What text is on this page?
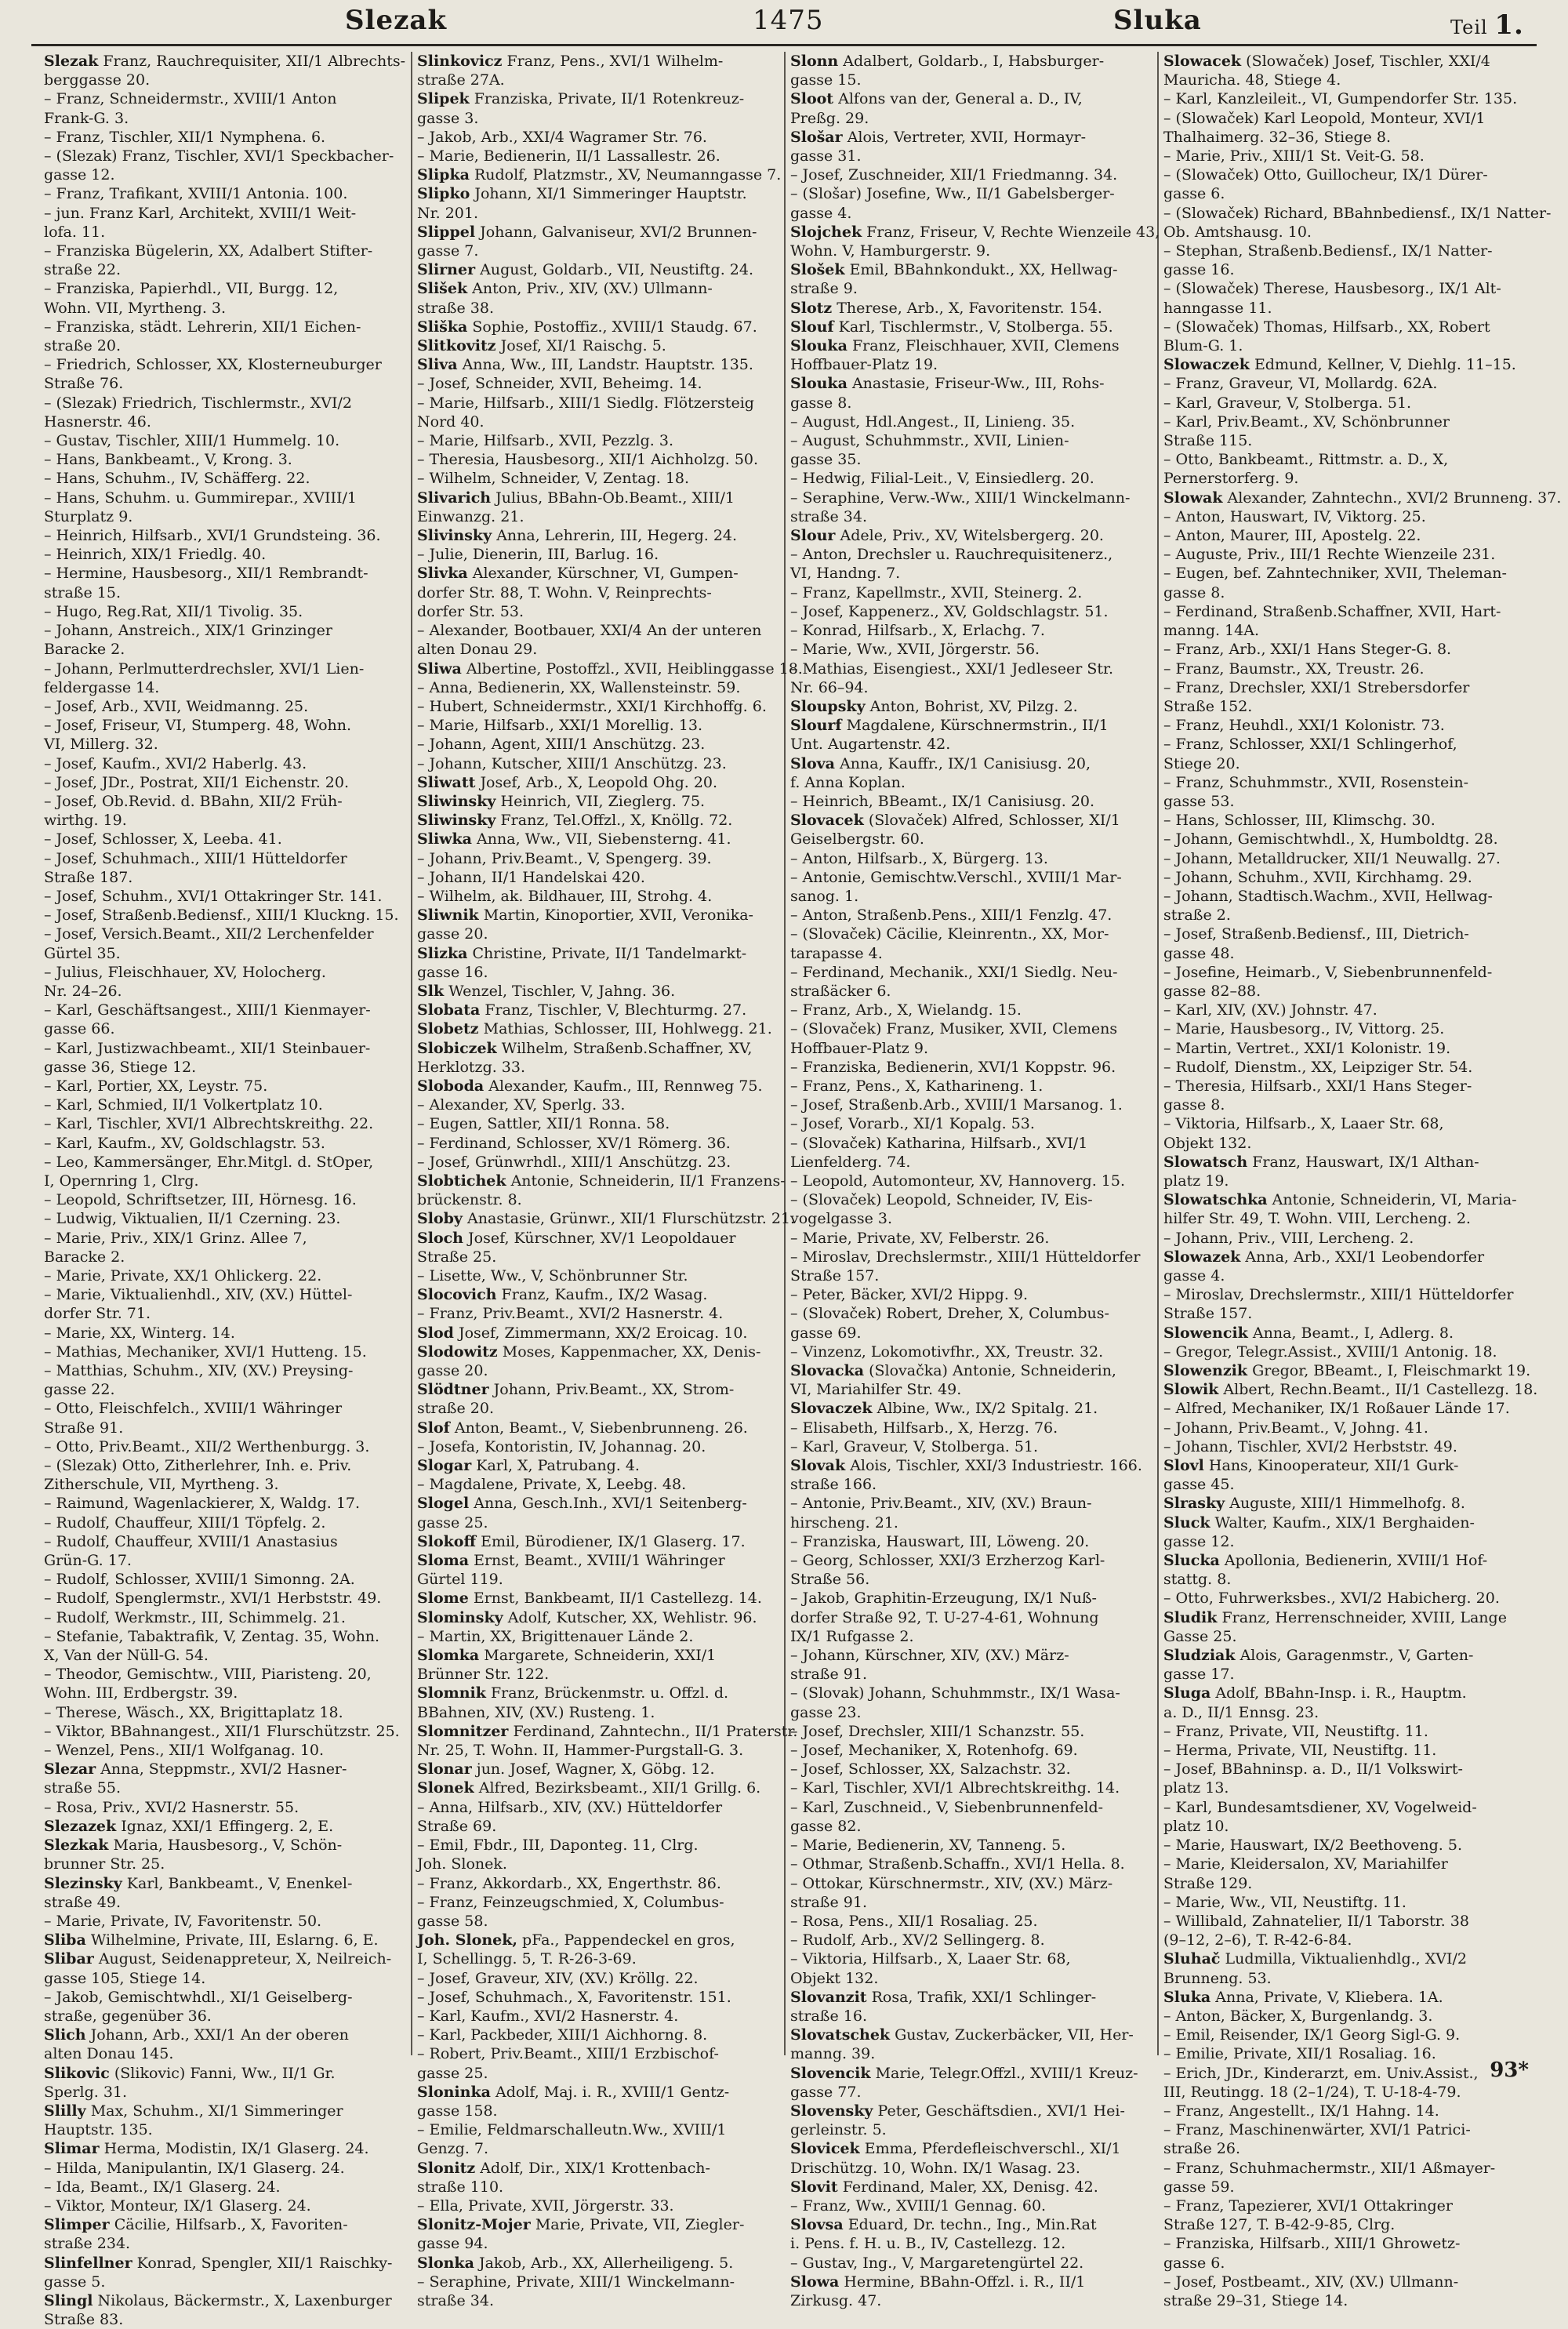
Slezak	1475	Sluka	Teil 1.
Slezak Franz, Rauchrequisiter, XII/1 Albrechts-
berggasse 20.
– Franz, Schneidermstr., XVIII/1 Anton
Frank-G. 3.
– Franz, Tischler, XII/1 Nymphena. 6.
– (Slezak) Franz, Tischler, XVI/1 Speckbacher-
gasse 12.
– Franz, Trafikant, XVIII/1 Antonia. 100.
– jun. Franz Karl, Architekt, XVIII/1 Weit-
lofa. 11.
– Franziska Bügelerin, XX, Adalbert Stifter-
straße 22.
– Franziska, Papierhdl., VII, Burgg. 12,
Wohn. VII, Myrtheng. 3.
– Franziska, städt. Lehrerin, XII/1 Eichen-
straße 20.
– Friedrich, Schlosser, XX, Klosterneuburger
Straße 76.
– (Slezak) Friedrich, Tischlermstr., XVI/2
Hasnerstr. 46.
– Gustav, Tischler, XIII/1 Hummelg. 10.
– Hans, Bankbeamt., V, Krong. 3.
– Hans, Schuhm., IV, Schäfferg. 22.
– Hans, Schuhm. u. Gummirepar., XVIII/1
Sturplatz 9.
– Heinrich, Hilfsarb., XVI/1 Grundsteing. 36.
– Heinrich, XIX/1 Friedlg. 40.
– Hermine, Hausbesorg., XII/1 Rembrandt-
straße 15.
– Hugo, Reg.Rat, XII/1 Tivolig. 35.
– Johann, Anstreich., XIX/1 Grinzinger
Baracke 2.
– Johann, Perlmutterdrechsler, XVI/1 Lien-
feldergasse 14.
– Josef, Arb., XVII, Weidmanng. 25.
– Josef, Friseur, VI, Stumperg. 48, Wohn.
VI, Millerg. 32.
– Josef, Kaufm., XVI/2 Haberlg. 43.
– Josef, JDr., Postrat, XII/1 Eichenstr. 20.
– Josef, Ob.Revid. d. BBahn, XII/2 Früh-
wirthg. 19.
– Josef, Schlosser, X, Leeba. 41.
– Josef, Schuhmach., XIII/1 Hütteldorfer
Straße 187.
– Josef, Schuhm., XVI/1 Ottakringer Str. 141.
– Josef, Straßenb.Bediensf., XIII/1 Kluckng. 15.
– Josef, Versich.Beamt., XII/2 Lerchenfelder
Gürtel 35.
– Julius, Fleischhauer, XV, Holocherg.
Nr. 24–26.
– Karl, Geschäftsangest., XIII/1 Kienmayer-
gasse 66.
– Karl, Justizwachbeamt., XII/1 Steinbauer-
gasse 36, Stiege 12.
– Karl, Portier, XX, Leystr. 75.
– Karl, Schmied, II/1 Volkertplatz 10.
– Karl, Tischler, XVI/1 Albrechtskreithg. 22.
– Karl, Kaufm., XV, Goldschlagstr. 53.
– Leo, Kammersänger, Ehr.Mitgl. d. StOper,
I, Opernring 1, Clrg.
– Leopold, Schriftsetzer, III, Hörnesg. 16.
– Ludwig, Viktualien, II/1 Czerning. 23.
– Marie, Priv., XIX/1 Grinz. Allee 7,
Baracke 2.
– Marie, Private, XX/1 Ohlickerg. 22.
– Marie, Viktualienhdl., XIV, (XV.) Hüttel-
dorfer Str. 71.
– Marie, XX, Winterg. 14.
– Mathias, Mechaniker, XVI/1 Hutteng. 15.
– Matthias, Schuhm., XIV, (XV.) Preysing-
gasse 22.
– Otto, Fleischfelch., XVIII/1 Währinger
Straße 91.
– Otto, Priv.Beamt., XII/2 Werthenburgg. 3.
– (Slezak) Otto, Zitherlehrer, Inh. e. Priv.
Zitherschule, VII, Myrtheng. 3.
– Raimund, Wagenlackierer, X, Waldg. 17.
– Rudolf, Chauffeur, XIII/1 Töpfelg. 2.
– Rudolf, Chauffeur, XVIII/1 Anastasius
Grün-G. 17.
– Rudolf, Schlosser, XVIII/1 Simonng. 2A.
– Rudolf, Spenglermstr., XVI/1 Herbststr. 49.
– Rudolf, Werkmstr., III, Schimmelg. 21.
– Stefanie, Tabaktrafik, V, Zentag. 35, Wohn.
X, Van der Nüll-G. 54.
– Theodor, Gemischtw., VIII, Piaristeng. 20,
Wohn. III, Erdbergstr. 39.
– Therese, Wäsch., XX, Brigittaplatz 18.
– Viktor, BBahnangest., XII/1 Flurschützstr. 25.
– Wenzel, Pens., XII/1 Wolfganag. 10.
Slezar Anna, Steppmstr., XVI/2 Hasner-
straße 55.
– Rosa, Priv., XVI/2 Hasnerstr. 55.
Slezazek Ignaz, XXI/1 Effingerg. 2, E.
Slezkak Maria, Hausbesorg., V, Schön-
brunner Str. 25.
Slezinsky Karl, Bankbeamt., V, Enenkel-
straße 49.
– Marie, Private, IV, Favoritenstr. 50.
Sliba Wilhelmine, Private, III, Eslarng. 6, E.
Slibar August, Seidenappreteur, X, Neilreich-
gasse 105, Stiege 14.
– Jakob, Gemischtwhdl., XI/1 Geiselberg-
straße, gegenüber 36.
Slich Johann, Arb., XXI/1 An der oberen
alten Donau 145.
Slikovic (Slikovic) Fanni, Ww., II/1 Gr.
Sperlg. 31.
Slilly Max, Schuhm., XI/1 Simmeringer
Hauptstr. 135.
Slimar Herma, Modistin, IX/1 Glaserg. 24.
– Hilda, Manipulantin, IX/1 Glaserg. 24.
– Ida, Beamt., IX/1 Glaserg. 24.
– Viktor, Monteur, IX/1 Glaserg. 24.
Slimper Cäcilie, Hilfsarb., X, Favoriten-
straße 234.
Slinfellner Konrad, Spengler, XII/1 Raischky-
gasse 5.
Slingl Nikolaus, Bäckermstr., X, Laxenburger
Straße 83.
Slinkovicz Franz, Pens., XVI/1 Wilhelm-
straße 27A.
Slipek Franziska, Private, II/1 Rotenkreuz-
gasse 3.
– Jakob, Arb., XXI/4 Wagramer Str. 76.
– Marie, Bedienerin, II/1 Lassallestr. 26.
Slipka Rudolf, Platzmstr., XV, Neumanngasse 7.
Slipko Johann, XI/1 Simmeringer Hauptstr.
Nr. 201.
Slippel Johann, Galvaniseur, XVI/2 Brunnen-
gasse 7.
Slirner August, Goldarb., VII, Neustiftg. 24.
Slišek Anton, Priv., XIV, (XV.) Ullmann-
straße 38.
Sliška Sophie, Postoffiz., XVIII/1 Staudg. 67.
Slitkovitz Josef, XI/1 Raischg. 5.
Sliva Anna, Ww., III, Landstr. Hauptstr. 135.
– Josef, Schneider, XVII, Beheimg. 14.
– Marie, Hilfsarb., XIII/1 Siedlg. Flötzersteig
Nord 40.
– Marie, Hilfsarb., XVII, Pezzlg. 3.
– Theresia, Hausbesorg., XII/1 Aichholzg. 50.
– Wilhelm, Schneider, V, Zentag. 18.
Slivarich Julius, BBahn-Ob.Beamt., XIII/1
Einwanzg. 21.
Slivinsky Anna, Lehrerin, III, Hegerg. 24.
– Julie, Dienerin, III, Barlug. 16.
Slivka Alexander, Kürschner, VI, Gumpen-
dorfer Str. 88, T. Wohn. V, Reinprechts-
dorfer Str. 53.
– Alexander, Bootbauer, XXI/4 An der unteren
alten Donau 29.
Sliwa Albertine, Postoffzl., XVII, Heiblinggasse 18.
– Anna, Bedienerin, XX, Wallensteinstr. 59.
– Hubert, Schneidermstr., XXI/1 Kirchhoffg. 6.
– Marie, Hilfsarb., XXI/1 Morellig. 13.
– Johann, Agent, XIII/1 Anschützg. 23.
– Johann, Kutscher, XIII/1 Anschützg. 23.
Sliwatt Josef, Arb., X, Leopold Ohg. 20.
Sliwinsky Heinrich, VII, Zieglerg. 75.
Sliwinsky Franz, Tel.Offzl., X, Knöllg. 72.
Sliwka Anna, Ww., VII, Siebensterng. 41.
– Johann, Priv.Beamt., V, Spengerg. 39.
– Johann, II/1 Handelskai 420.
– Wilhelm, ak. Bildhauer, III, Strohg. 4.
Sliwnik Martin, Kinoportier, XVII, Veronika-
gasse 20.
Slizka Christine, Private, II/1 Tandelmarkt-
gasse 16.
Slk Wenzel, Tischler, V, Jahng. 36.
Slobata Franz, Tischler, V, Blechturmg. 27.
Slobetz Mathias, Schlosser, III, Hohlwegg. 21.
Slobiczek Wilhelm, Straßenb.Schaffner, XV,
Herklotzg. 33.
Sloboda Alexander, Kaufm., III, Rennweg 75.
– Alexander, XV, Sperlg. 33.
– Eugen, Sattler, XII/1 Ronna. 58.
– Ferdinand, Schlosser, XV/1 Römerg. 36.
– Josef, Grünwrhdl., XIII/1 Anschützg. 23.
Slobtichek Antonie, Schneiderin, II/1 Franzens-
brückenstr. 8.
Sloby Anastasie, Grünwr., XII/1 Flurschützstr. 21.
Sloch Josef, Kürschner, XV/1 Leopoldauer
Straße 25.
– Lisette, Ww., V, Schönbrunner Str.
Slocovich Franz, Kaufm., IX/2 Wasag.
– Franz, Priv.Beamt., XVI/2 Hasnerstr. 4.
Slod Josef, Zimmermann, XX/2 Eroicag. 10.
Slodowitz Moses, Kappenmacher, XX, Denis-
gasse 20.
Slödtner Johann, Priv.Beamt., XX, Strom-
straße 20.
Slof Anton, Beamt., V, Siebenbrunneng. 26.
– Josefa, Kontoristin, IV, Johannag. 20.
Slogar Karl, X, Patrubang. 4.
– Magdalene, Private, X, Leebg. 48.
Slogel Anna, Gesch.Inh., XVI/1 Seitenberg-
gasse 25.
Slokoff Emil, Bürodiener, IX/1 Glaserg. 17.
Sloma Ernst, Beamt., XVIII/1 Währinger
Gürtel 119.
Slome Ernst, Bankbeamt, II/1 Castellezg. 14.
Slominsky Adolf, Kutscher, XX, Wehlistr. 96.
– Martin, XX, Brigittenauer Lände 2.
Slomka Margarete, Schneiderin, XXI/1
Brünner Str. 122.
Slomnik Franz, Brückenmstr. u. Offzl. d.
BBahnen, XIV, (XV.) Rusteng. 1.
Slomnitzer Ferdinand, Zahntechn., II/1 Praterstr.
Nr. 25, T. Wohn. II, Hammer-Purgstall-G. 3.
Slonar jun. Josef, Wagner, X, Göbg. 12.
Slonek Alfred, Bezirksbeamt., XII/1 Grillg. 6.
– Anna, Hilfsarb., XIV, (XV.) Hütteldorfer
Straße 69.
– Emil, Fbdr., III, Daponteg. 11, Clrg.
Joh. Slonek.
– Franz, Akkordarb., XX, Engerthstr. 86.
– Franz, Feinzeugschmied, X, Columbus-
gasse 58.
Joh. Slonek, pFa., Pappendeckel en gros,
I, Schellingg. 5, T. R-26-3-69.
– Josef, Graveur, XIV, (XV.) Kröllg. 22.
– Josef, Schuhmach., X, Favoritenstr. 151.
– Karl, Kaufm., XVI/2 Hasnerstr. 4.
– Karl, Packbeder, XIII/1 Aichhorng. 8.
– Robert, Priv.Beamt., XIII/1 Erzbischof-
gasse 25.
Sloninka Adolf, Maj. i. R., XVIII/1 Gentz-
gasse 158.
– Emilie, Feldmarschalleutn.Ww., XVIII/1
Genzg. 7.
Slonitz Adolf, Dir., XIX/1 Krottenbach-
straße 110.
– Ella, Private, XVII, Jörgerstr. 33.
Slonitz-Mojer Marie, Private, VII, Ziegler-
gasse 94.
Slonka Jakob, Arb., XX, Allerheiligeng. 5.
– Seraphine, Private, XIII/1 Winckelmann-
straße 34.
Slonn Adalbert, Goldarb., I, Habsburger-
gasse 15.
Sloot Alfons van der, General a. D., IV,
Preßg. 29.
Slošar Alois, Vertreter, XVII, Hormayr-
gasse 31.
– Josef, Zuschneider, XII/1 Friedmanng. 34.
– (Slošar) Josefine, Ww., II/1 Gabelsberger-
gasse 4.
Slojchek Franz, Friseur, V, Rechte Wienzeile 43,
Wohn. V, Hamburgerstr. 9.
Slošek Emil, BBahnkondukt., XX, Hellwag-
straße 9.
Slotz Therese, Arb., X, Favoritenstr. 154.
Slouf Karl, Tischlermstr., V, Stolberga. 55.
Slouka Franz, Fleischhauer, XVII, Clemens
Hoffbauer-Platz 19.
Slouka Anastasie, Friseur-Ww., III, Rohs-
gasse 8.
– August, Hdl.Angest., II, Linieng. 35.
– August, Schuhmmstr., XVII, Linien-
gasse 35.
– Hedwig, Filial-Leit., V, Einsiedlerg. 20.
– Seraphine, Verw.-Ww., XIII/1 Winckelmann-
straße 34.
Slour Adele, Priv., XV, Witelsbergerg. 20.
– Anton, Drechsler u. Rauchrequisitenerz.,
VI, Handng. 7.
– Franz, Kapellmstr., XVII, Steinerg. 2.
– Josef, Kappenerz., XV, Goldschlagstr. 51.
– Konrad, Hilfsarb., X, Erlachg. 7.
– Marie, Ww., XVII, Jörgerstr. 56.
– Mathias, Eisengiest., XXI/1 Jedleseer Str.
Nr. 66–94.
Sloupsky Anton, Bohrist, XV, Pilzg. 2.
Slourf Magdalene, Kürschnermstrin., II/1
Unt. Augartenstr. 42.
Slova Anna, Kauffr., IX/1 Canisiusg. 20,
f. Anna Koplan.
– Heinrich, BBeamt., IX/1 Canisiusg. 20.
Slovacek (Slovaček) Alfred, Schlosser, XI/1
Geiselbergstr. 60.
– Anton, Hilfsarb., X, Bürgerg. 13.
– Antonie, Gemischtw.Verschl., XVIII/1 Mar-
sanog. 1.
– Anton, Straßenb.Pens., XIII/1 Fenzlg. 47.
– (Slovaček) Cäcilie, Kleinrentn., XX, Mor-
tarapasse 4.
– Ferdinand, Mechanik., XXI/1 Siedlg. Neu-
straßäcker 6.
– Franz, Arb., X, Wielandg. 15.
– (Slovaček) Franz, Musiker, XVII, Clemens
Hoffbauer-Platz 9.
– Franziska, Bedienerin, XVI/1 Koppstr. 96.
– Franz, Pens., X, Katharineng. 1.
– Josef, Straßenb.Arb., XVIII/1 Marsanog. 1.
– Josef, Vorarb., XI/1 Kopalg. 53.
– (Slovaček) Katharina, Hilfsarb., XVI/1
Lienfelderg. 74.
– Leopold, Automonteur, XV, Hannoverg. 15.
– (Slovaček) Leopold, Schneider, IV, Eis-
vogelgasse 3.
– Marie, Private, XV, Felberstr. 26.
– Miroslav, Drechslermstr., XIII/1 Hütteldorfer
Straße 157.
– Peter, Bäcker, XVI/2 Hippg. 9.
– (Slovaček) Robert, Dreher, X, Columbus-
gasse 69.
– Vinzenz, Lokomotivfhr., XX, Treustr. 32.
Slovacka (Slovačka) Antonie, Schneiderin,
VI, Mariahilfer Str. 49.
Slovaczek Albine, Ww., IX/2 Spitalg. 21.
– Elisabeth, Hilfsarb., X, Herzg. 76.
– Karl, Graveur, V, Stolberga. 51.
Slovak Alois, Tischler, XXI/3 Industriestr. 166.
straße 166.
– Antonie, Priv.Beamt., XIV, (XV.) Braun-
hirscheng. 21.
– Franziska, Hauswart, III, Löweng. 20.
– Georg, Schlosser, XXI/3 Erzherzog Karl-
Straße 56.
– Jakob, Graphitin-Erzeugung, IX/1 Nuß-
dorfer Straße 92, T. U-27-4-61, Wohnung
IX/1 Rufgasse 2.
– Johann, Kürschner, XIV, (XV.) März-
straße 91.
– (Slovak) Johann, Schuhmmstr., IX/1 Wasa-
gasse 23.
– Josef, Drechsler, XIII/1 Schanzstr. 55.
– Josef, Mechaniker, X, Rotenhofg. 69.
– Josef, Schlosser, XX, Salzachstr. 32.
– Karl, Tischler, XVI/1 Albrechtskreithg. 14.
– Karl, Zuschneid., V, Siebenbrunnenfeld-
gasse 82.
– Marie, Bedienerin, XV, Tanneng. 5.
– Othmar, Straßenb.Schaffn., XVI/1 Hella. 8.
– Ottokar, Kürschnermstr., XIV, (XV.) März-
straße 91.
– Rosa, Pens., XII/1 Rosaliag. 25.
– Rudolf, Arb., XV/2 Sellingerg. 8.
– Viktoria, Hilfsarb., X, Laaer Str. 68,
Objekt 132.
Slovanzit Rosa, Trafik, XXI/1 Schlinger-
straße 16.
Slovatschek Gustav, Zuckerbäcker, VII, Her-
manng. 39.
Slovencik Marie, Telegr.Offzl., XVIII/1 Kreuz-
gasse 77.
Slovensky Peter, Geschäftsdien., XVI/1 Hei-
gerleinstr. 5.
Slovicek Emma, Pferdefleischverschl., XI/1
Drischützg. 10, Wohn. IX/1 Wasag. 23.
Slovit Ferdinand, Maler, XX, Denisg. 42.
– Franz, Ww., XVIII/1 Gennag. 60.
Slovsa Eduard, Dr. techn., Ing., Min.Rat
i. Pens. f. H. u. B., IV, Castellezg. 12.
– Gustav, Ing., V, Margaretengürtel 22.
Slowa Hermine, BBahn-Offzl. i. R., II/1
Zirkusg. 47.
Slowacek (Slowaček) Josef, Tischler, XXI/4
Mauricha. 48, Stiege 4.
– Karl, Kanzleileit., VI, Gumpendorfer Str. 135.
– (Slowaček) Karl Leopold, Monteur, XVI/1
Thalhaimerg. 32–36, Stiege 8.
– Marie, Priv., XIII/1 St. Veit-G. 58.
– (Slowaček) Otto, Guillocheur, IX/1 Dürer-
gasse 6.
– (Slowaček) Richard, BBahnbediensf., IX/1 Natter-
Ob. Amtshausg. 10.
– Stephan, Straßenb.Bediensf., IX/1 Natter-
gasse 16.
– (Slowaček) Therese, Hausbesorg., IX/1 Alt-
hanngasse 11.
– (Slowaček) Thomas, Hilfsarb., XX, Robert
Blum-G. 1.
Slowaczek Edmund, Kellner, V, Diehlg. 11–15.
– Franz, Graveur, VI, Mollardg. 62A.
– Karl, Graveur, V, Stolberga. 51.
– Karl, Priv.Beamt., XV, Schönbrunner
Straße 115.
– Otto, Bankbeamt., Rittmstr. a. D., X,
Pernerstorferg. 9.
Slowak Alexander, Zahntechn., XVI/2 Brunneng. 37.
– Anton, Hauswart, IV, Viktorg. 25.
– Anton, Maurer, III, Apostelg. 22.
– Auguste, Priv., III/1 Rechte Wienzeile 231.
– Eugen, bef. Zahntechniker, XVII, Theleman-
gasse 8.
– Ferdinand, Straßenb.Schaffner, XVII, Hart-
manng. 14A.
– Franz, Arb., XXI/1 Hans Steger-G. 8.
– Franz, Baumstr., XX, Treustr. 26.
– Franz, Drechsler, XXI/1 Strebersdorfer
Straße 152.
– Franz, Heuhdl., XXI/1 Kolonistr. 73.
– Franz, Schlosser, XXI/1 Schlingerhof,
Stiege 20.
– Franz, Schuhmmstr., XVII, Rosenstein-
gasse 53.
– Hans, Schlosser, III, Klimschg. 30.
– Johann, Gemischtwhdl., X, Humboldtg. 28.
– Johann, Metalldrucker, XII/1 Neuwallg. 27.
– Johann, Schuhm., XVII, Kirchhamg. 29.
– Johann, Stadtisch.Wachm., XVII, Hellwag-
straße 2.
– Josef, Straßenb.Bediensf., III, Dietrich-
gasse 48.
– Josefine, Heimarb., V, Siebenbrunnenfeld-
gasse 82–88.
– Karl, XIV, (XV.) Johnstr. 47.
– Marie, Hausbesorg., IV, Vittorg. 25.
– Martin, Vertret., XXI/1 Kolonistr. 19.
– Rudolf, Dienstm., XX, Leipziger Str. 54.
– Theresia, Hilfsarb., XXI/1 Hans Steger-
gasse 8.
– Viktoria, Hilfsarb., X, Laaer Str. 68,
Objekt 132.
Slowatsch Franz, Hauswart, IX/1 Althan-
platz 19.
Slowatschka Antonie, Schneiderin, VI, Maria-
hilfer Str. 49, T. Wohn. VIII, Lercheng. 2.
– Johann, Priv., VIII, Lercheng. 2.
Slowazek Anna, Arb., XXI/1 Leobendorfer
gasse 4.
– Miroslav, Drechslermstr., XIII/1 Hütteldorfer
Straße 157.
Slowencik Anna, Beamt., I, Adlerg. 8.
– Gregor, Telegr.Assist., XVIII/1 Antonig. 18.
Slowenzik Gregor, BBeamt., I, Fleischmarkt 19.
Slowik Albert, Rechn.Beamt., II/1 Castellezg. 18.
– Alfred, Mechaniker, IX/1 Roßauer Lände 17.
– Johann, Priv.Beamt., V, Johng. 41.
– Johann, Tischler, XVI/2 Herbststr. 49.
Slovl Hans, Kinooperateur, XII/1 Gurk-
gasse 45.
Slrasky Auguste, XIII/1 Himmelhofg. 8.
Sluck Walter, Kaufm., XIX/1 Berghaiden-
gasse 12.
Slucka Apollonia, Bedienerin, XVIII/1 Hof-
stattg. 8.
– Otto, Fuhrwerksbes., XVI/2 Habicherg. 20.
Sludik Franz, Herrenschneider, XVIII, Lange
Gasse 25.
Sludziak Alois, Garagenmstr., V, Garten-
gasse 17.
Sluga Adolf, BBahn-Insp. i. R., Hauptm.
a. D., II/1 Ennsg. 23.
– Franz, Private, VII, Neustiftg. 11.
– Herma, Private, VII, Neustiftg. 11.
– Josef, BBahninsp. a. D., II/1 Volkswirt-
platz 13.
– Karl, Bundesamtsdiener, XV, Vogelweid-
platz 10.
– Marie, Hauswart, IX/2 Beethoveng. 5.
– Marie, Kleidersalon, XV, Mariahilfer
Straße 129.
– Marie, Ww., VII, Neustiftg. 11.
– Willibald, Zahnatelier, II/1 Taborstr. 38
(9–12, 2–6), T. R-42-6-84.
Sluhač Ludmilla, Viktualienhdlg., XVI/2
Brunneng. 53.
Sluka Anna, Private, V, Kliebera. 1A.
– Anton, Bäcker, X, Burgenlandg. 3.
– Emil, Reisender, IX/1 Georg Sigl-G. 9.
– Emilie, Private, XII/1 Rosaliag. 16.
– Erich, JDr., Kinderarzt, em. Univ.Assist.,
III, Reutingg. 18 (2–1/24), T. U-18-4-79.
– Franz, Angestellt., IX/1 Hahng. 14.
– Franz, Maschinenwärter, XVI/1 Patrici-
straße 26.
– Franz, Schuhmachermstr., XII/1 Aßmayer-
gasse 59.
– Franz, Tapezierer, XVI/1 Ottakringer
Straße 127, T. B-42-9-85, Clrg.
– Franziska, Hilfsarb., XIII/1 Ghrowetz-
gasse 6.
– Josef, Postbeamt., XIV, (XV.) Ullmann-
straße 29–31, Stiege 14.
93*
